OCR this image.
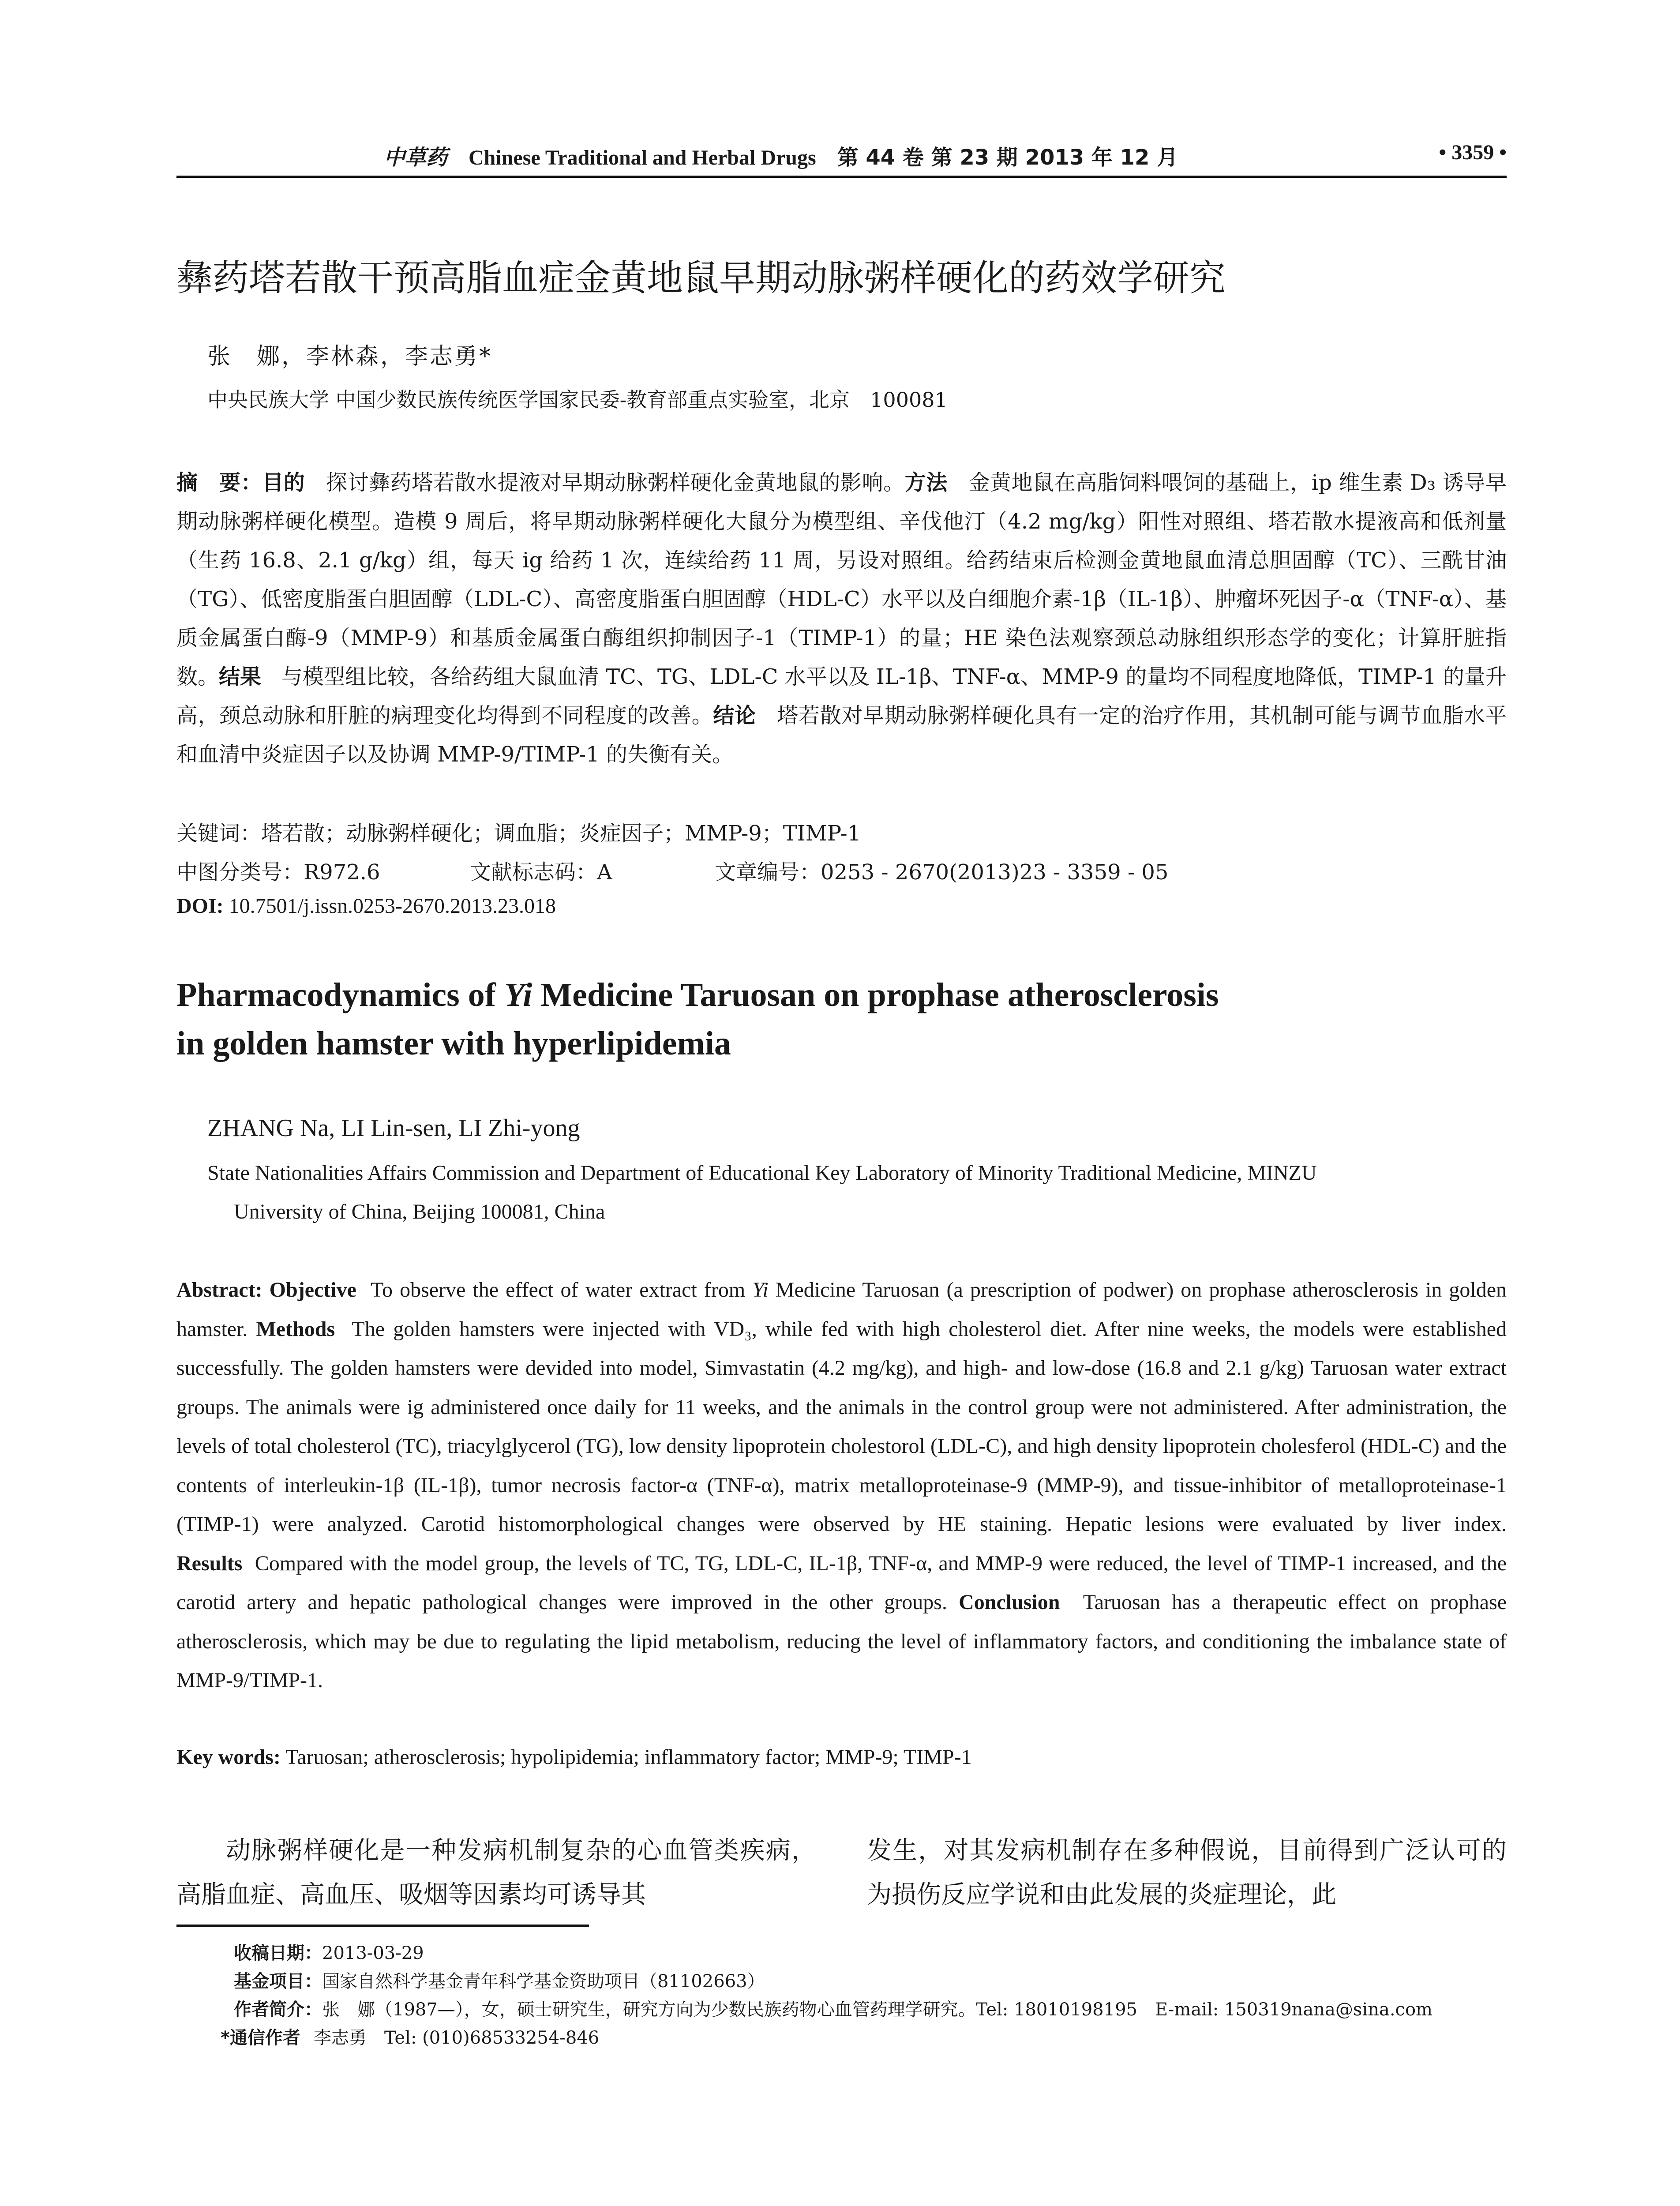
中草药 Chinese Traditional and Herbal Drugs 第 44 卷 第 23 期 2013 年 12 月	• 3359 •
彝药塔若散干预高脂血症金黄地鼠早期动脉粥样硬化的药效学研究
张　娜，李林森，李志勇*
中央民族大学 中国少数民族传统医学国家民委-教育部重点实验室，北京　100081
摘　要：目的 探讨彝药塔若散水提液对早期动脉粥样硬化金黄地鼠的影响。方法 金黄地鼠在高脂饲料喂饲的基础上，ip 维生素 D₃ 诱导早期动脉粥样硬化模型。造模 9 周后，将早期动脉粥样硬化大鼠分为模型组、辛伐他汀（4.2 mg/kg）阳性对照组、塔若散水提液高和低剂量（生药 16.8、2.1 g/kg）组，每天 ig 给药 1 次，连续给药 11 周，另设对照组。给药结束后检测金黄地鼠血清总胆固醇（TC）、三酰甘油（TG）、低密度脂蛋白胆固醇（LDL-C）、高密度脂蛋白胆固醇（HDL-C）水平以及白细胞介素-1β（IL-1β）、肿瘤坏死因子-α（TNF-α）、基质金属蛋白酶-9（MMP-9）和基质金属蛋白酶组织抑制因子-1（TIMP-1）的量；HE 染色法观察颈总动脉组织形态学的变化；计算肝脏指数。结果 与模型组比较，各给药组大鼠血清 TC、TG、LDL-C 水平以及 IL-1β、TNF-α、MMP-9 的量均不同程度地降低，TIMP-1 的量升高，颈总动脉和肝脏的病理变化均得到不同程度的改善。结论 塔若散对早期动脉粥样硬化具有一定的治疗作用，其机制可能与调节血脂水平和血清中炎症因子以及协调 MMP-9/TIMP-1 的失衡有关。
关键词：塔若散；动脉粥样硬化；调血脂；炎症因子；MMP-9；TIMP-1
中图分类号：R972.6	文献标志码：A	文章编号：0253 - 2670(2013)23 - 3359 - 05
DOI: 10.7501/j.issn.0253-2670.2013.23.018
Pharmacodynamics of Yi Medicine Taruosan on prophase atherosclerosis
in golden hamster with hyperlipidemia
ZHANG Na, LI Lin-sen, LI Zhi-yong
State Nationalities Affairs Commission and Department of Educational Key Laboratory of Minority Traditional Medicine, MINZU
University of China, Beijing 100081, China
Abstract: Objective To observe the effect of water extract from Yi Medicine Taruosan (a prescription of podwer) on prophase atherosclerosis in golden hamster. Methods The golden hamsters were injected with VD₃, while fed with high cholesterol diet. After nine weeks, the models were established successfully. The golden hamsters were devided into model, Simvastatin (4.2 mg/kg), and high- and low-dose (16.8 and 2.1 g/kg) Taruosan water extract groups. The animals were ig administered once daily for 11 weeks, and the animals in the control group were not administered. After administration, the levels of total cholesterol (TC), triacylglycerol (TG), low density lipoprotein cholestorol (LDL-C), and high density lipoprotein cholesferol (HDL-C) and the contents of interleukin-1β (IL-1β), tumor necrosis factor-α (TNF-α), matrix metalloproteinase-9 (MMP-9), and tissue-inhibitor of metalloproteinase-1 (TIMP-1) were analyzed. Carotid histomorphological changes were observed by HE staining. Hepatic lesions were evaluated by liver index. Results Compared with the model group, the levels of TC, TG, LDL-C, IL-1β, TNF-α, and MMP-9 were reduced, the level of TIMP-1 increased, and the carotid artery and hepatic pathological changes were improved in the other groups. Conclusion Taruosan has a therapeutic effect on prophase atherosclerosis, which may be due to regulating the lipid metabolism, reducing the level of inflammatory factors, and conditioning the imbalance state of MMP-9/TIMP-1.
Key words: Taruosan; atherosclerosis; hypolipidemia; inflammatory factor; MMP-9; TIMP-1

动脉粥样硬化是一种发病机制复杂的心血管类疾病，高脂血症、高血压、吸烟等因素均可诱导其

发生，对其发病机制存在多种假说，目前得到广泛认可的为损伤反应学说和由此发展的炎症理论，此

收稿日期：2013-03-29
基金项目：国家自然科学基金青年科学基金资助项目（81102663）
作者简介：张　娜（1987—），女，硕士研究生，研究方向为少数民族药物心血管药理学研究。Tel: 18010198195　E-mail: 150319nana@sina.com
*通信作者 李志勇　Tel: (010)68533254-846
